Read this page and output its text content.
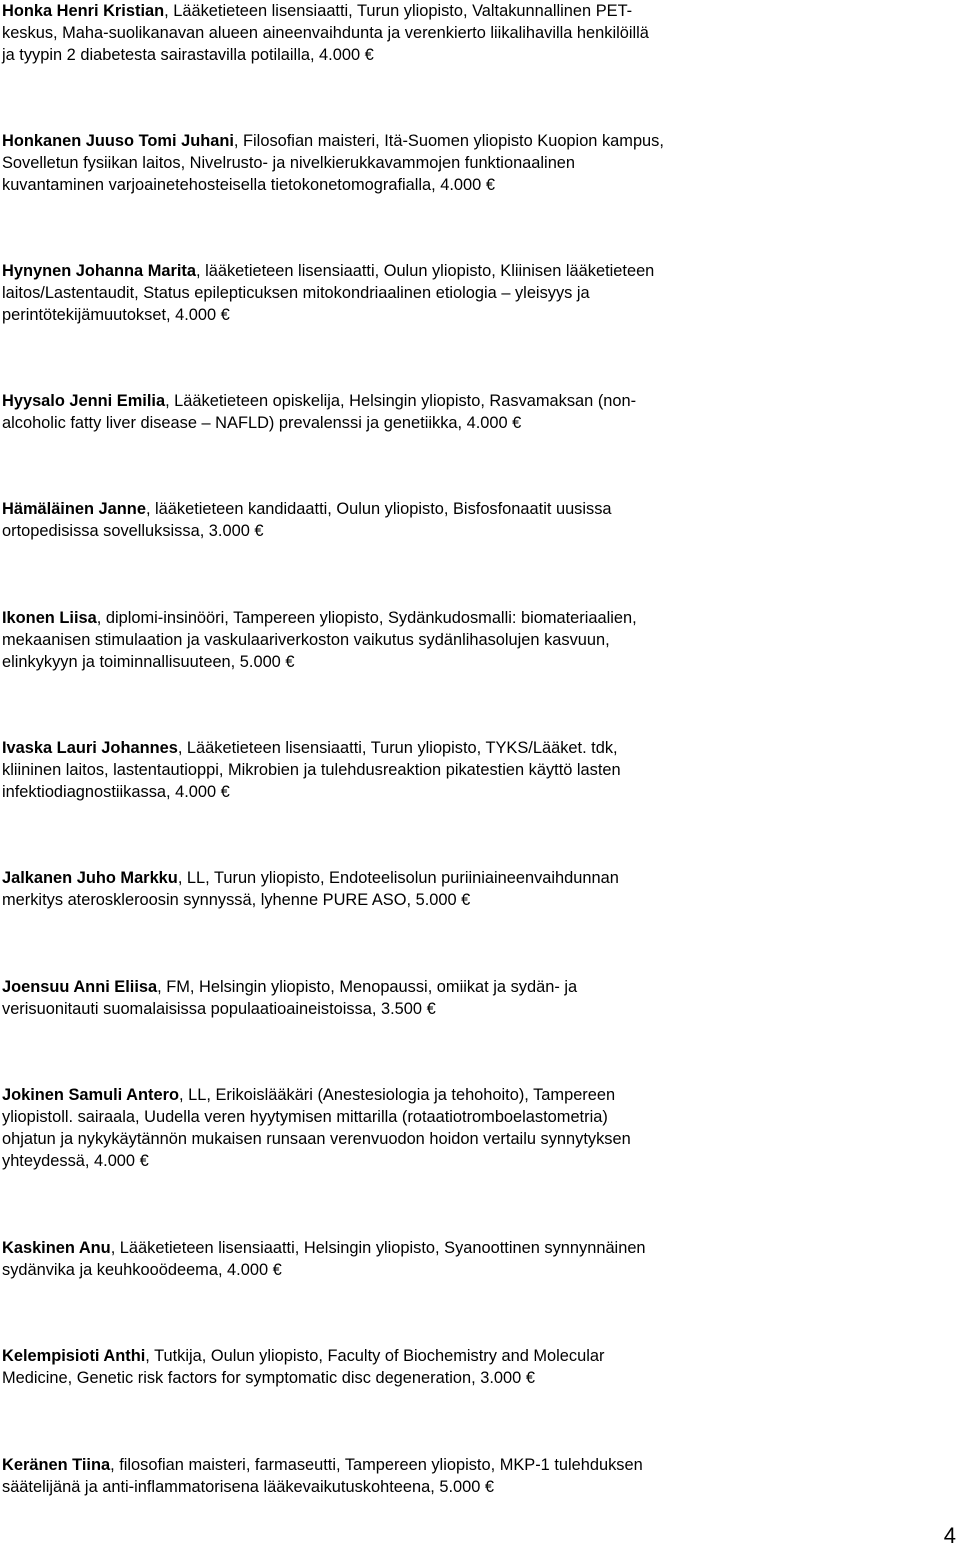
Honka Henri Kristian, Lääketieteen lisensiaatti, Turun yliopisto, Valtakunnallinen PET-
keskus, Maha-suolikanavan alueen aineenvaihdunta ja verenkierto liikalihavilla henkilöillä
ja tyypin 2 diabetesta sairastavilla potilailla, 4.000 €
Honkanen Juuso Tomi Juhani, Filosofian maisteri, Itä-Suomen yliopisto Kuopion kampus,
Sovelletun fysiikan laitos, Nivelrusto- ja nivelkierukkavammojen funktionaalinen
kuvantaminen varjoainetehosteisella tietokonetomografialla, 4.000 €
Hynynen Johanna Marita, lääketieteen lisensiaatti, Oulun yliopisto, Kliinisen lääketieteen
laitos/Lastentaudit, Status epilepticuksen mitokondriaalinen etiologia – yleisyys ja
perintötekijämuutokset, 4.000 €
Hyysalo Jenni Emilia, Lääketieteen opiskelija, Helsingin yliopisto, Rasvamaksan (non-
alcoholic fatty liver disease – NAFLD) prevalenssi ja genetiikka, 4.000 €
Hämäläinen Janne, lääketieteen kandidaatti, Oulun yliopisto, Bisfosfonaatit uusissa
ortopedisissa sovelluksissa, 3.000 €
Ikonen Liisa, diplomi-insinööri, Tampereen yliopisto, Sydänkudosmalli: biomateriaalien,
mekaanisen stimulaation ja vaskulaariverkoston vaikutus sydänlihasolujen kasvuun,
elinkykyyn ja toiminnallisuuteen, 5.000 €
Ivaska Lauri Johannes, Lääketieteen lisensiaatti, Turun yliopisto, TYKS/Lääket. tdk,
kliininen laitos, lastentautioppi, Mikrobien ja tulehdusreaktion pikatestien käyttö lasten
infektiodiagnostiikassa, 4.000 €
Jalkanen Juho Markku, LL, Turun yliopisto, Endoteelisolun puriiniaineenvaihdunnan
merkitys ateroskleroosin synnyssä, lyhenne PURE ASO, 5.000 €
Joensuu Anni Eliisa, FM, Helsingin yliopisto, Menopaussi, omiikat ja sydän- ja
verisuonitauti suomalaisissa populaatioaineistoissa, 3.500 €
Jokinen Samuli Antero, LL, Erikoislääkäri (Anestesiologia ja tehohoito), Tampereen
yliopistoll. sairaala, Uudella veren hyytymisen mittarilla (rotaatiotromboelastometria)
ohjatun ja nykykäytännön mukaisen runsaan verenvuodon hoidon vertailu synnytyksen
yhteydessä, 4.000 €
Kaskinen Anu, Lääketieteen lisensiaatti, Helsingin yliopisto, Syanoottinen synnynnäinen
sydänvika ja keuhkooödeema, 4.000 €
Kelempisioti Anthi, Tutkija, Oulun yliopisto, Faculty of Biochemistry and Molecular
Medicine, Genetic risk factors for symptomatic disc degeneration, 3.000 €
Keränen Tiina, filosofian maisteri, farmaseutti, Tampereen yliopisto, MKP-1 tulehduksen
säätelijänä ja anti-inflammatorisena lääkevaikutuskohteena, 5.000 €
4
